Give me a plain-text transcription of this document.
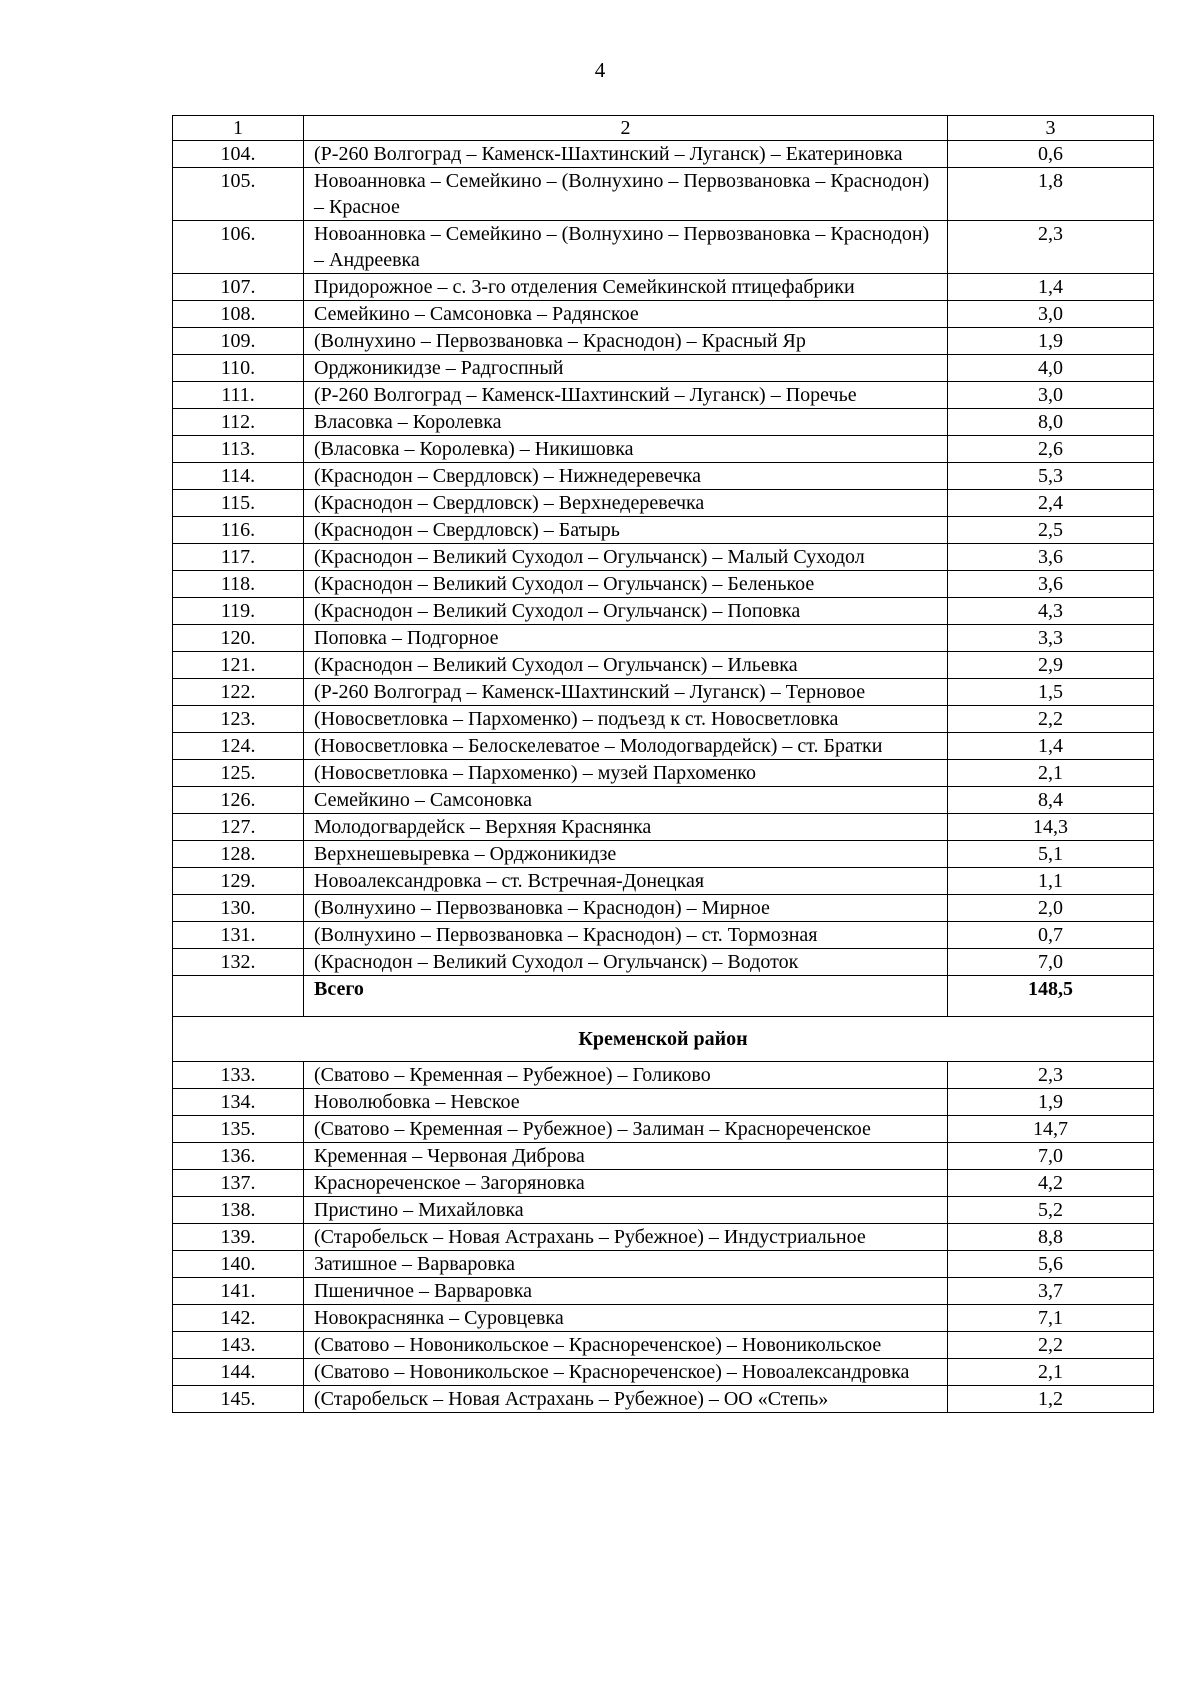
4
1	2	3
104.	(Р-260 Волгоград – Каменск-Шахтинский – Луганск) – Екатериновка	0,6
105.	Новоанновка – Семейкино – (Волнухино – Первозвановка – Краснодон) – Красное	1,8
106.	Новоанновка – Семейкино – (Волнухино – Первозвановка – Краснодон) – Андреевка	2,3
107.	Придорожное – с. 3-го отделения Семейкинской птицефабрики	1,4
108.	Семейкино – Самсоновка – Радянское	3,0
109.	(Волнухино – Первозвановка – Краснодон) – Красный Яр	1,9
110.	Орджоникидзе – Радгоспный	4,0
111.	(Р-260 Волгоград – Каменск-Шахтинский – Луганск) – Поречье	3,0
112.	Власовка – Королевка	8,0
113.	(Власовка – Королевка) – Никишовка	2,6
114.	(Краснодон – Свердловск) – Нижнедеревечка	5,3
115.	(Краснодон – Свердловск) – Верхнедеревечка	2,4
116.	(Краснодон – Свердловск) – Батырь	2,5
117.	(Краснодон – Великий Суходол – Огульчанск) – Малый Суходол	3,6
118.	(Краснодон – Великий Суходол – Огульчанск) – Беленькое	3,6
119.	(Краснодон – Великий Суходол – Огульчанск) – Поповка	4,3
120.	Поповка – Подгорное	3,3
121.	(Краснодон – Великий Суходол – Огульчанск) – Ильевка	2,9
122.	(Р-260 Волгоград – Каменск-Шахтинский – Луганск) – Терновое	1,5
123.	(Новосветловка – Пархоменко) – подъезд к ст. Новосветловка	2,2
124.	(Новосветловка – Белоскелеватое – Молодогвардейск) – ст. Братки	1,4
125.	(Новосветловка – Пархоменко) – музей Пархоменко	2,1
126.	Семейкино – Самсоновка	8,4
127.	Молодогвардейск – Верхняя Краснянка	14,3
128.	Верхнешевыревка – Орджоникидзе	5,1
129.	Новоалександровка – ст. Встречная-Донецкая	1,1
130.	(Волнухино – Первозвановка – Краснодон) – Мирное	2,0
131.	(Волнухино – Первозвановка – Краснодон) – ст. Тормозная	0,7
132.	(Краснодон – Великий Суходол – Огульчанск) – Водоток	7,0
	Всего	148,5
Кременской район		
133.	(Сватово – Кременная – Рубежное) – Голиково	2,3
134.	Новолюбовка – Невское	1,9
135.	(Сватово – Кременная – Рубежное) – Залиман – Краснореченское	14,7
136.	Кременная – Червоная Диброва	7,0
137.	Краснореченское – Загоряновка	4,2
138.	Пристино – Михайловка	5,2
139.	(Старобельск – Новая Астрахань – Рубежное) – Индустриальное	8,8
140.	Затишное – Варваровка	5,6
141.	Пшеничное – Варваровка	3,7
142.	Новокраснянка – Суровцевка	7,1
143.	(Сватово – Новоникольское – Краснореченское) – Новоникольское	2,2
144.	(Сватово – Новоникольское – Краснореченское) – Новоалександровка	2,1
145.	(Старобельск – Новая Астрахань – Рубежное) – ОО «Степь»	1,2
